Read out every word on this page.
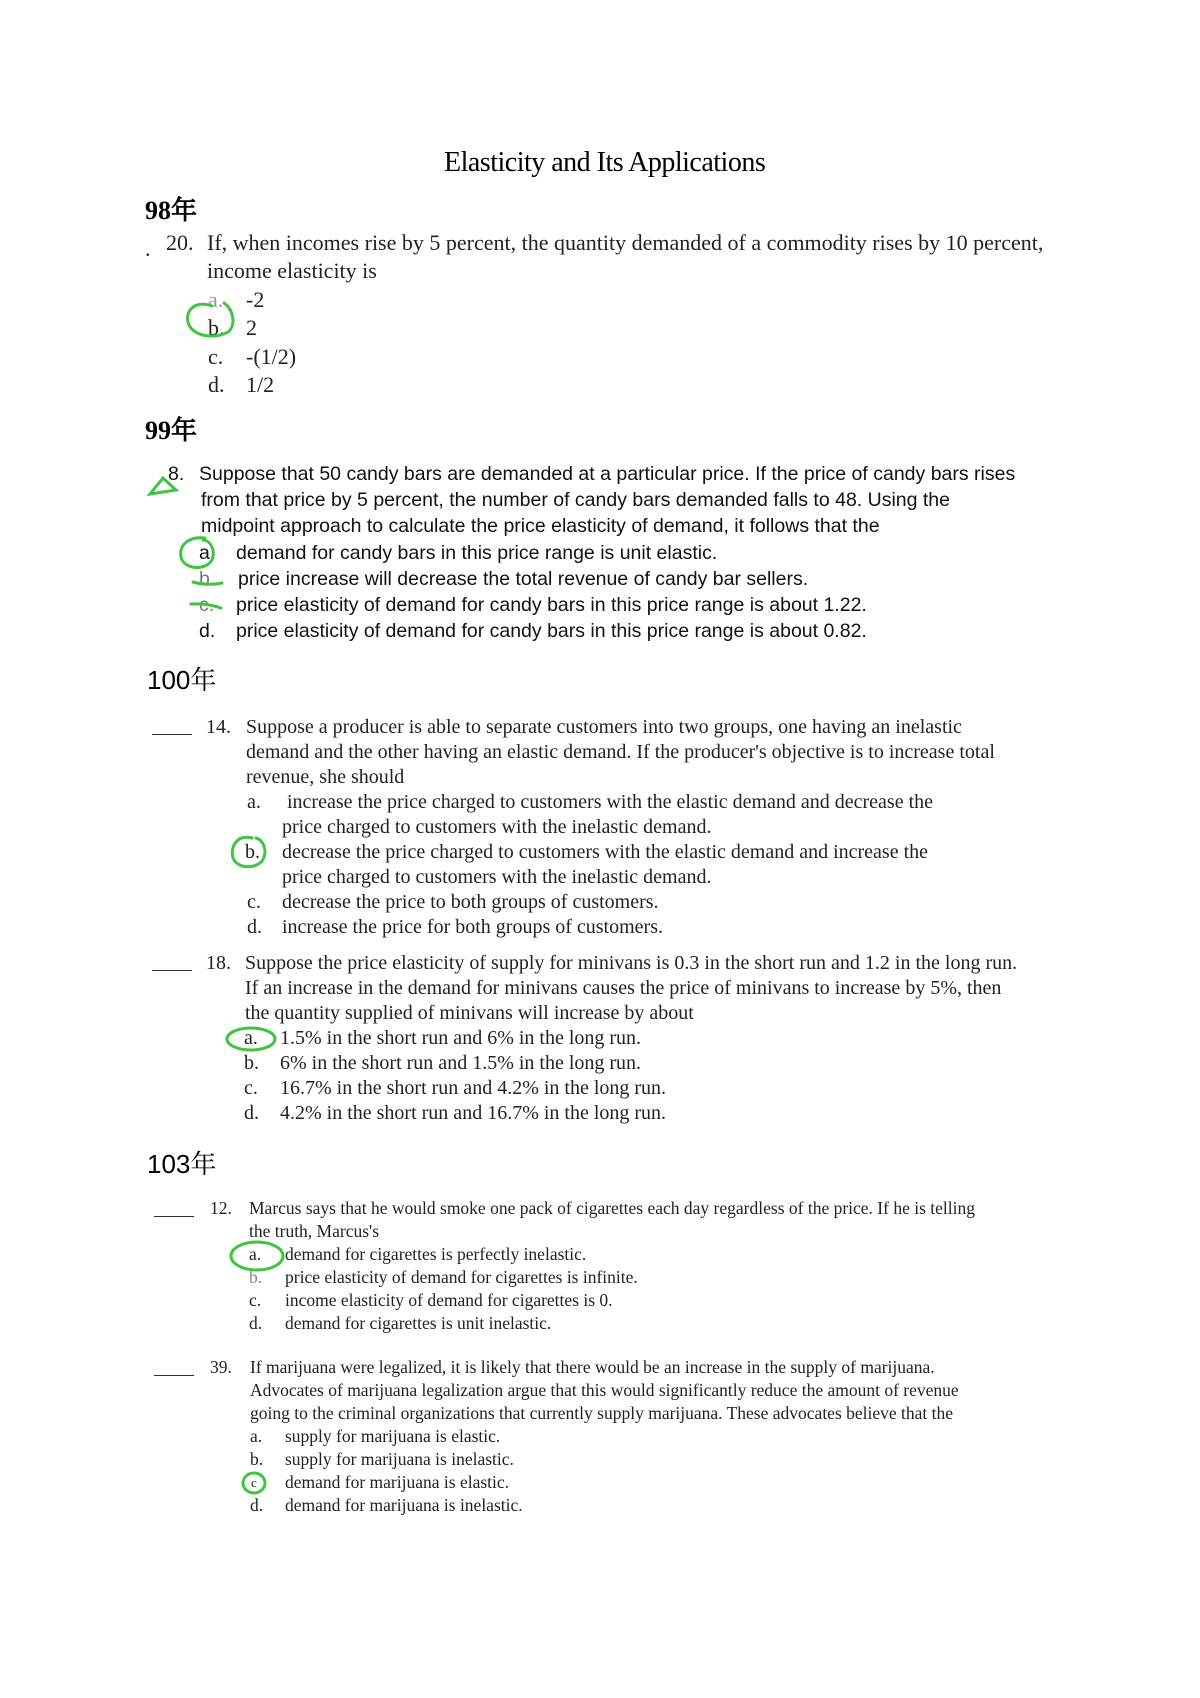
Elasticity and Its Applications
98年
. 20. If, when incomes rise by 5 percent, the quantity demanded of a commodity rises by 10 percent,
income elasticity is
a. -2
b. 2
c. -(1/2)
d. 1/2
99年
8. Suppose that 50 candy bars are demanded at a particular price. If the price of candy bars rises
from that price by 5 percent, the number of candy bars demanded falls to 48. Using the
midpoint approach to calculate the price elasticity of demand, it follows that the
a demand for candy bars in this price range is unit elastic.
b. price increase will decrease the total revenue of candy bar sellers.
c. price elasticity of demand for candy bars in this price range is about 1.22.
d. price elasticity of demand for candy bars in this price range is about 0.82.
100年
14. Suppose a producer is able to separate customers into two groups, one having an inelastic
demand and the other having an elastic demand. If the producer's objective is to increase total
revenue, she should
a. increase the price charged to customers with the elastic demand and decrease the
price charged to customers with the inelastic demand.
b. decrease the price charged to customers with the elastic demand and increase the
price charged to customers with the inelastic demand.
c. decrease the price to both groups of customers.
d. increase the price for both groups of customers.
18. Suppose the price elasticity of supply for minivans is 0.3 in the short run and 1.2 in the long run.
If an increase in the demand for minivans causes the price of minivans to increase by 5%, then
the quantity supplied of minivans will increase by about
a. 1.5% in the short run and 6% in the long run.
b. 6% in the short run and 1.5% in the long run.
c. 16.7% in the short run and 4.2% in the long run.
d. 4.2% in the short run and 16.7% in the long run.
103年
12. Marcus says that he would smoke one pack of cigarettes each day regardless of the price. If he is telling
the truth, Marcus's
a. demand for cigarettes is perfectly inelastic.
b. price elasticity of demand for cigarettes is infinite.
c. income elasticity of demand for cigarettes is 0.
d. demand for cigarettes is unit inelastic.
39. If marijuana were legalized, it is likely that there would be an increase in the supply of marijuana.
Advocates of marijuana legalization argue that this would significantly reduce the amount of revenue
going to the criminal organizations that currently supply marijuana. These advocates believe that the
a. supply for marijuana is elastic.
b. supply for marijuana is inelastic.
c demand for marijuana is elastic.
d. demand for marijuana is inelastic.
